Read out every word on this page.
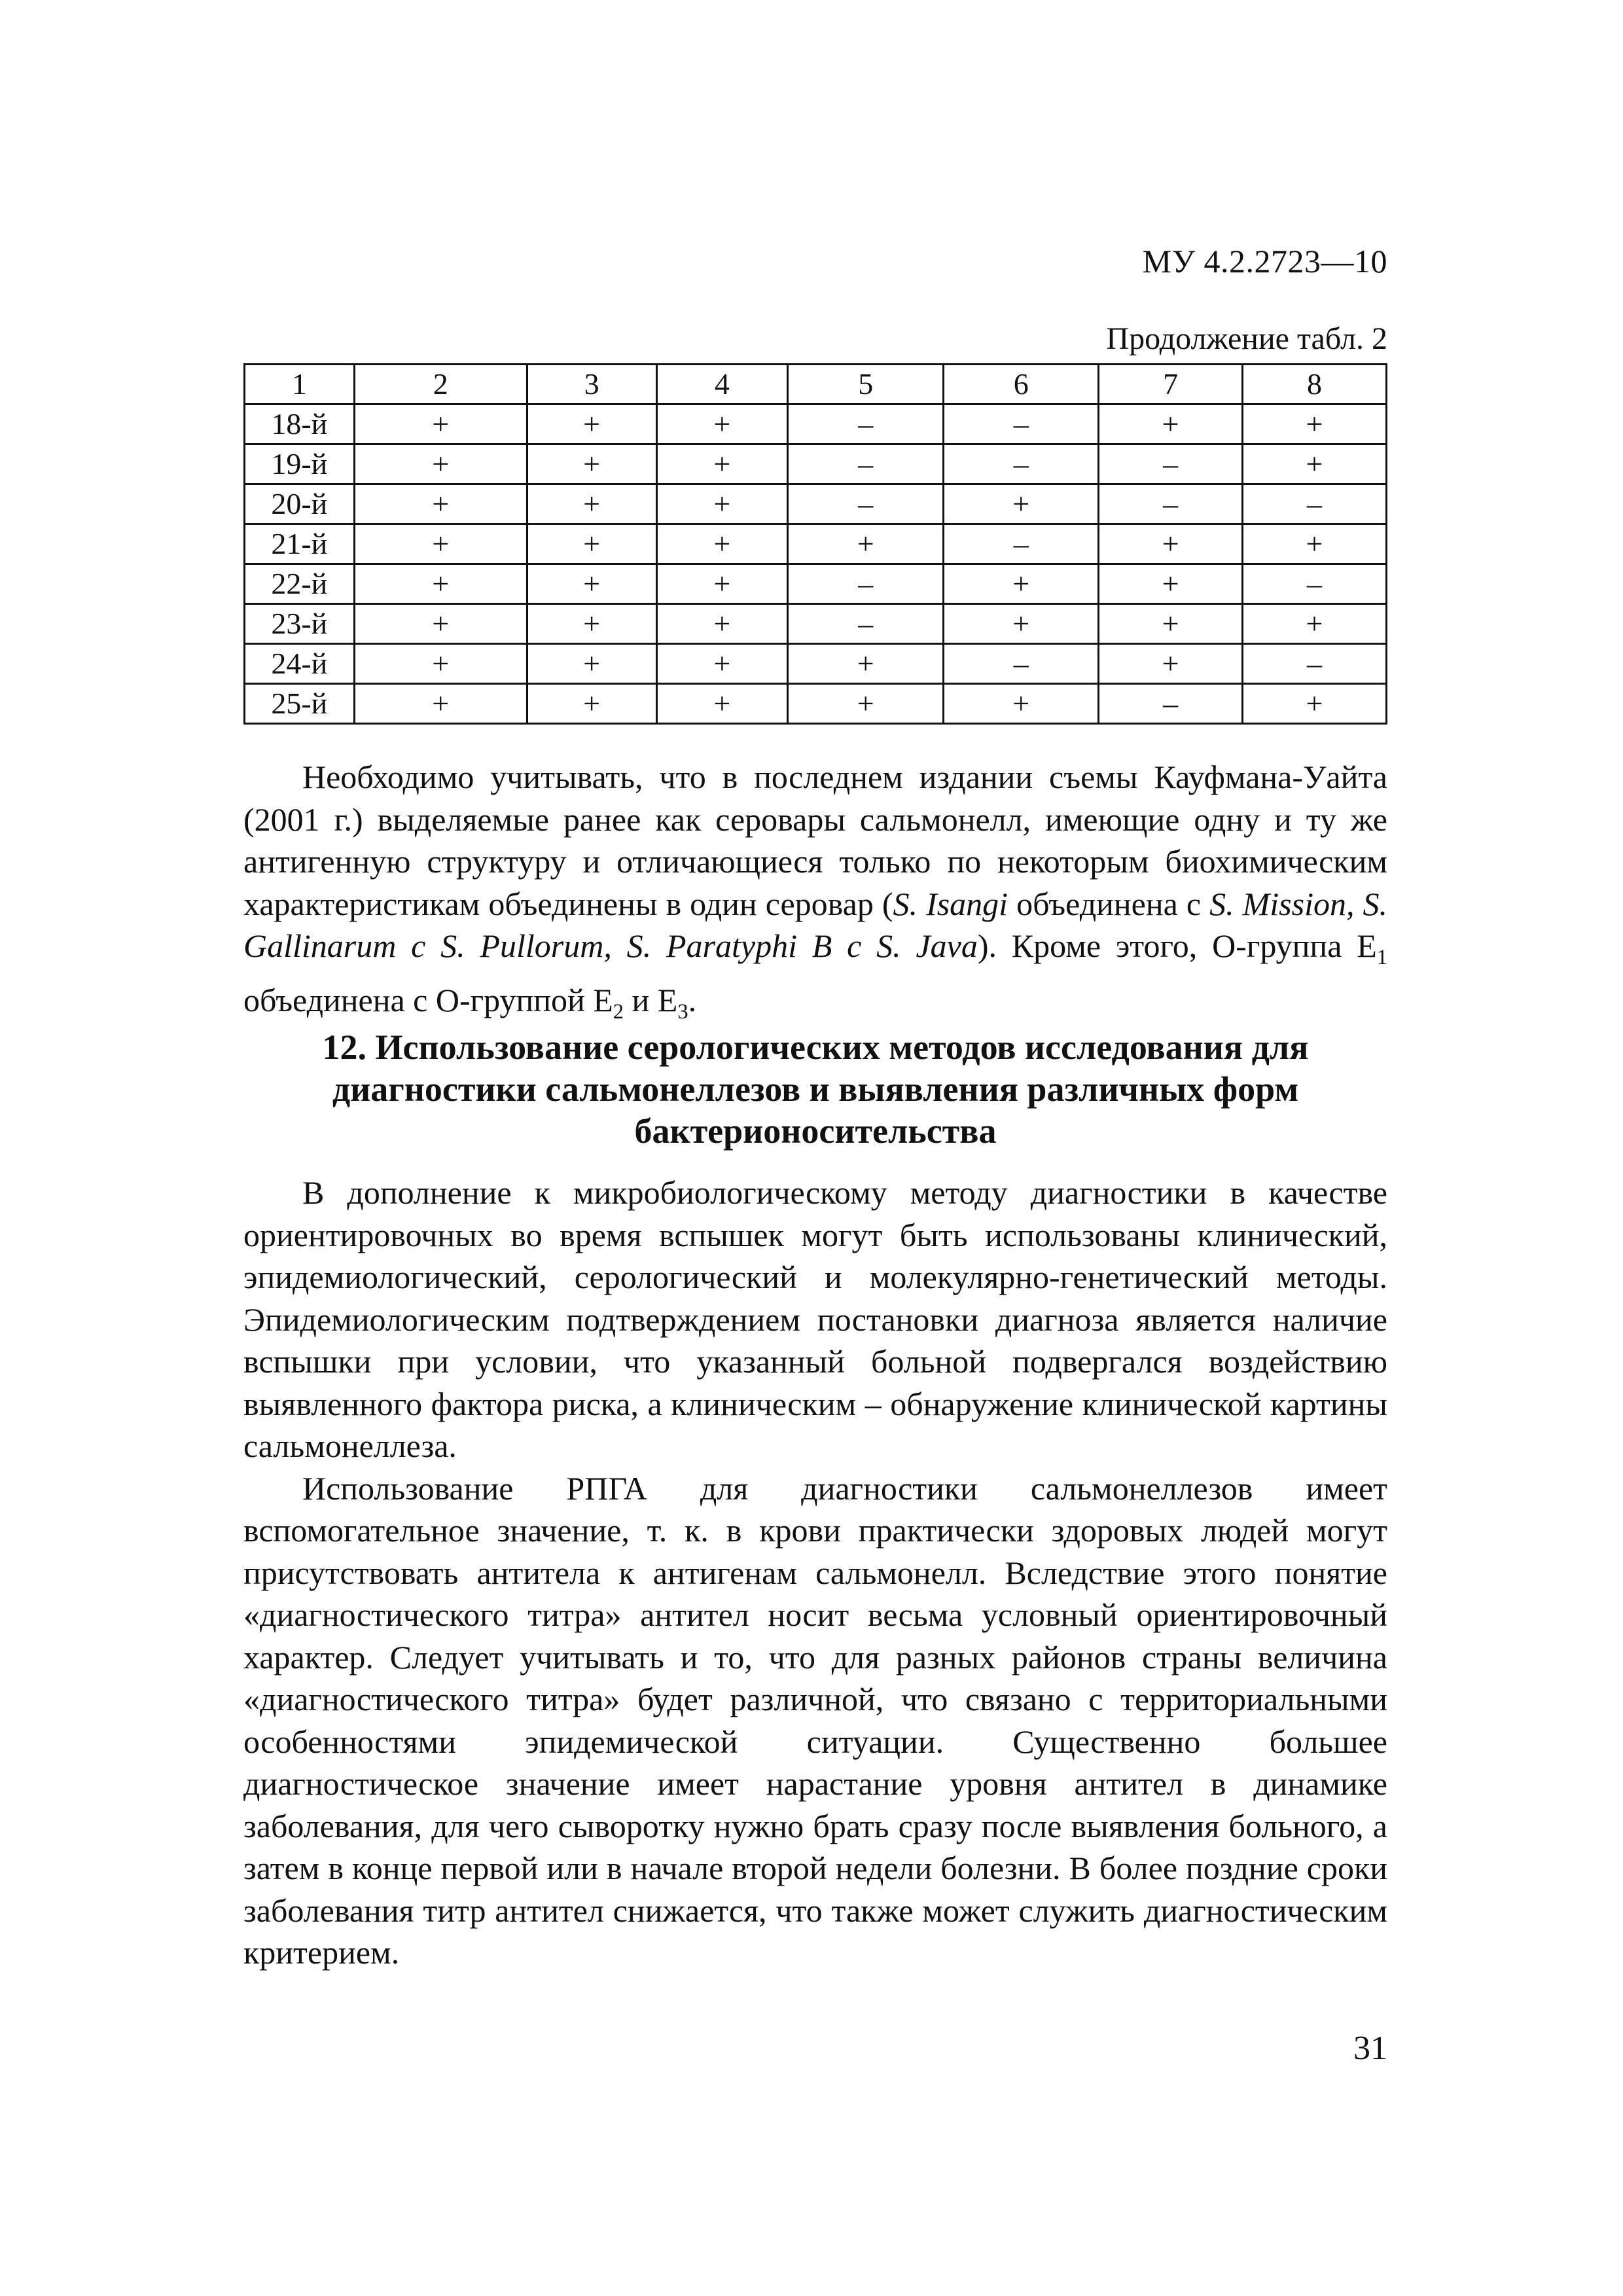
МУ 4.2.2723—10
Продолжение табл. 2
1	2	3	4	5	6	7	8
18-й	+	+	+	–	–	+	+
19-й	+	+	+	–	–	–	+
20-й	+	+	+	–	+	–	–
21-й	+	+	+	+	–	+	+
22-й	+	+	+	–	+	+	–
23-й	+	+	+	–	+	+	+
24-й	+	+	+	+	–	+	–
25-й	+	+	+	+	+	–	+

Необходимо учитывать, что в последнем издании съемы Кауфмана-Уайта (2001 г.) выделяемые ранее как серовары сальмонелл, имеющие одну и ту же антигенную структуру и отличающиеся только по некоторым биохимическим характеристикам объединены в один серовар (S. Isangi объединена с S. Mission, S. Gallinarum с S. Pullorum, S. Paratyphi B с S. Java). Кроме этого, О-группа $Е_1$ объединена с О-группой $Е_2$ и $Е_3$.

12. Использование серологических методов исследования для диагностики сальмонеллезов и выявления различных форм бактерионосительства

В дополнение к микробиологическому методу диагностики в качестве ориентировочных во время вспышек могут быть использованы клинический, эпидемиологический, серологический и молекулярно-генетический методы. Эпидемиологическим подтверждением постановки диагноза является наличие вспышки при условии, что указанный больной подвергался воздействию выявленного фактора риска, а клиническим – обнаружение клинической картины сальмонеллеза.

Использование РПГА для диагностики сальмонеллезов имеет вспомогательное значение, т. к. в крови практически здоровых людей могут присутствовать антитела к антигенам сальмонелл. Вследствие этого понятие «диагностического титра» антител носит весьма условный ориентировочный характер. Следует учитывать и то, что для разных районов страны величина «диагностического титра» будет различной, что связано с территориальными особенностями эпидемической ситуации. Существенно большее диагностическое значение имеет нарастание уровня антител в динамике заболевания, для чего сыворотку нужно брать сразу после выявления больного, а затем в конце первой или в начале второй недели болезни. В более поздние сроки заболевания титр антител снижается, что также может служить диагностическим критерием.

31
